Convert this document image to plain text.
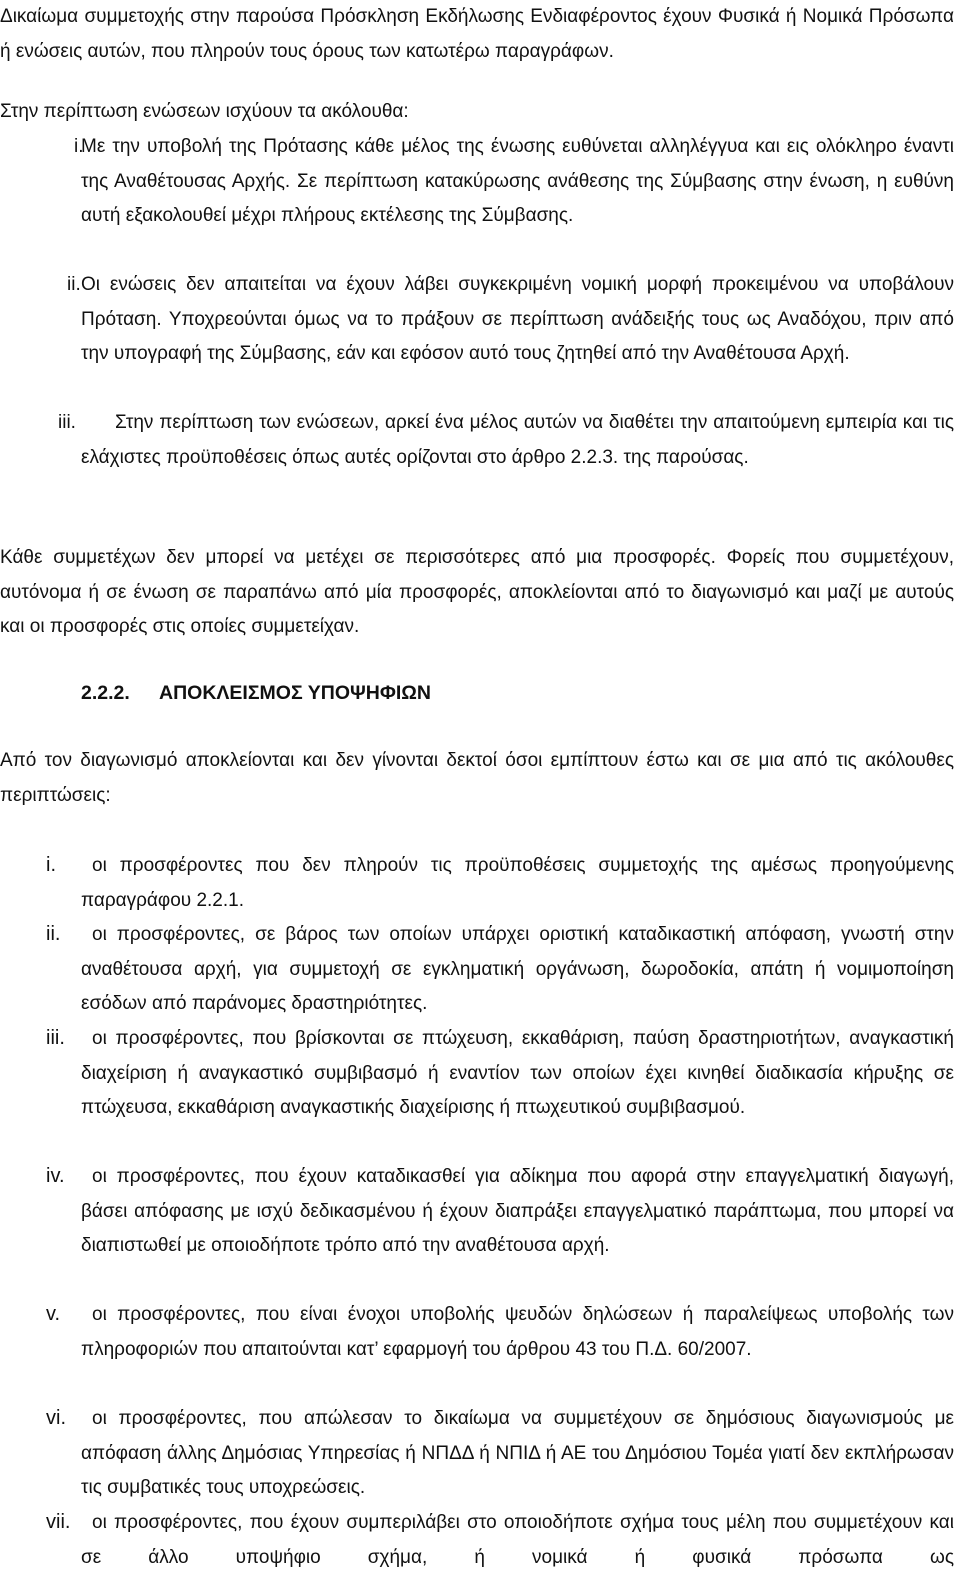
Δικαίωμα συμμετοχής στην παρούσα Πρόσκληση Εκδήλωσης Ενδιαφέροντος έχουν Φυσικά ή Νομικά Πρόσωπα ή ενώσεις αυτών, που πληρούν τους όρους των κατωτέρω παραγράφων.

Στην περίπτωση ενώσεων ισχύουν τα ακόλουθα:

i.
Με την υποβολή της Πρότασης κάθε μέλος της ένωσης ευθύνεται αλληλέγγυα και εις ολόκληρο έναντι της Αναθέτουσας Αρχής. Σε περίπτωση κατακύρωσης ανάθεσης της Σύμβασης στην ένωση, η ευθύνη αυτή εξακολουθεί μέχρι πλήρους εκτέλεσης της Σύμβασης.
ii. Οι ενώσεις δεν απαιτείται να έχουν λάβει συγκεκριμένη νομική μορφή προκειμένου να υποβάλουν Πρόταση. Υποχρεούνται όμως να το πράξουν σε περίπτωση ανάδειξής τους ως Αναδόχου, πριν από την υπογραφή της Σύμβασης, εάν και εφόσον αυτό τους ζητηθεί από την Αναθέτουσα Αρχή.
iii. Στην περίπτωση των ενώσεων, αρκεί ένα μέλος αυτών να διαθέτει την απαιτούμενη εμπειρία και τις ελάχιστες προϋποθέσεις όπως αυτές ορίζονται στο άρθρο 2.2.3. της παρούσας.

Κάθε συμμετέχων δεν μπορεί να μετέχει σε περισσότερες από μια προσφορές. Φορείς που συμμετέχουν, αυτόνομα ή σε ένωση σε παραπάνω από μία προσφορές, αποκλείονται από το διαγωνισμό και μαζί με αυτούς και οι προσφορές στις οποίες συμμετείχαν.

2.2.2. ΑΠΟΚΛΕΙΣΜΟΣ ΥΠΟΨΗΦΙΩΝ

Από τον διαγωνισμό αποκλείονται και δεν γίνονται δεκτοί όσοι εμπίπτουν έστω και σε μια από τις ακόλουθες περιπτώσεις:

i. οι προσφέροντες που δεν πληρούν τις προϋποθέσεις συμμετοχής της αμέσως προηγούμενης παραγράφου 2.2.1.
ii. οι προσφέροντες, σε βάρος των οποίων υπάρχει οριστική καταδικαστική απόφαση, γνωστή στην αναθέτουσα αρχή, για συμμετοχή σε εγκληματική οργάνωση, δωροδοκία, απάτη ή νομιμοποίηση εσόδων από παράνομες δραστηριότητες.
iii. οι προσφέροντες, που βρίσκονται σε πτώχευση, εκκαθάριση, παύση δραστηριοτήτων, αναγκαστική διαχείριση ή αναγκαστικό συμβιβασμό ή εναντίον των οποίων έχει κινηθεί διαδικασία κήρυξης σε πτώχευσα, εκκαθάριση αναγκαστικής διαχείρισης ή πτωχευτικού συμβιβασμού.
iv. οι προσφέροντες, που έχουν καταδικασθεί για αδίκημα που αφορά στην επαγγελματική διαγωγή, βάσει απόφασης με ισχύ δεδικασμένου ή έχουν διαπράξει επαγγελματικό παράπτωμα, που μπορεί να διαπιστωθεί με οποιοδήποτε τρόπο από την αναθέτουσα αρχή.
v. οι προσφέροντες, που είναι ένοχοι υποβολής ψευδών δηλώσεων ή παραλείψεως υποβολής των πληροφοριών που απαιτούνται κατ’ εφαρμογή του άρθρου 43 του Π.Δ. 60/2007.
vi. οι προσφέροντες, που απώλεσαν το δικαίωμα να συμμετέχουν σε δημόσιους διαγωνισμούς με απόφαση άλλης Δημόσιας Υπηρεσίας ή ΝΠΔΔ ή ΝΠΙΔ ή ΑΕ του Δημόσιου Τομέα γιατί δεν εκπλήρωσαν τις συμβατικές τους υποχρεώσεις.
vii. οι προσφέροντες, που έχουν συμπεριλάβει στο οποιοδήποτε σχήμα τους μέλη που συμμετέχουν και σε άλλο υποψήφιο σχήμα, ή νομικά ή φυσικά πρόσωπα ως
